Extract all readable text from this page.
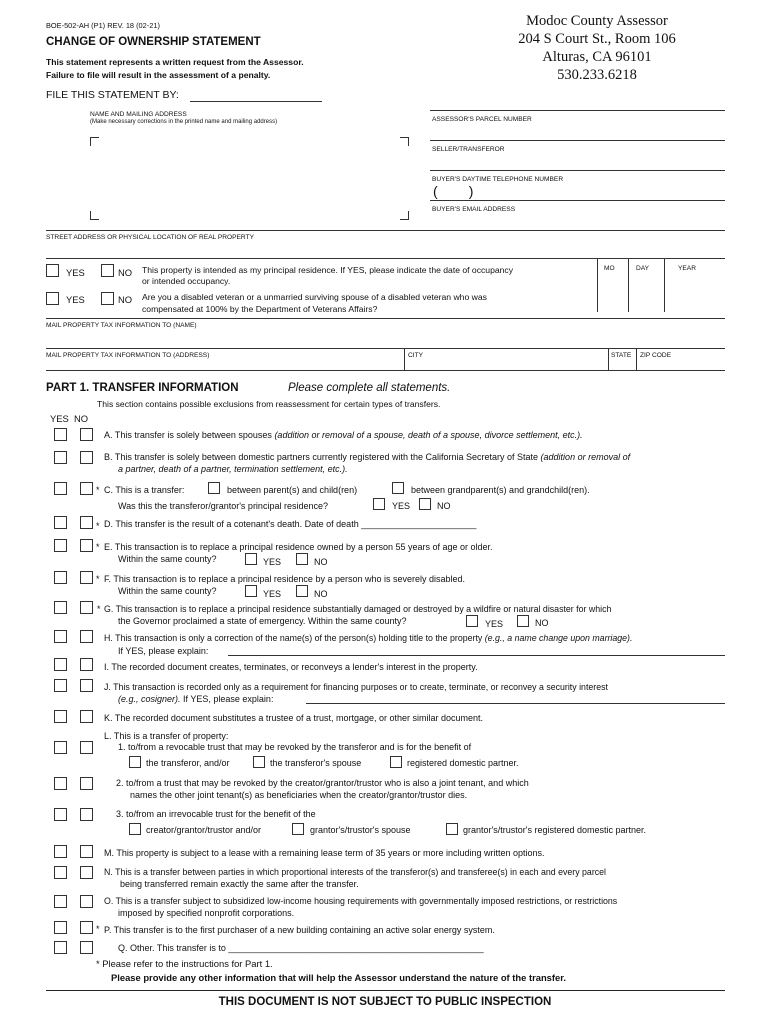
BOE-502-AH (P1) REV. 18 (02-21)
CHANGE OF OWNERSHIP STATEMENT
This statement represents a written request from the Assessor.
Failure to file will result in the assessment of a penalty.
FILE THIS STATEMENT BY:
Modoc County Assessor
204 S Court St., Room 106
Alturas, CA 96101
530.233.6218
NAME AND MAILING ADDRESS
(Make necessary corrections in the printed name and mailing address)	ASSESSOR'S PARCEL NUMBER
SELLER/TRANSFEROR
BUYER'S DAYTIME TELEPHONE NUMBER
(        )
BUYER'S EMAIL ADDRESS
STREET ADDRESS OR PHYSICAL LOCATION OF REAL PROPERTY
YES	NO This property is intended as my principal residence. If YES, please indicate the date of occupancy
or intended occupancy.
MO	DAY	YEAR
YES	NO Are you a disabled veteran or a unmarried surviving spouse of a disabled veteran who was
compensated at 100% by the Department of Veterans Affairs?
MAIL PROPERTY TAX INFORMATION TO (NAME)
MAIL PROPERTY TAX INFORMATION TO (ADDRESS)	CITY	STATE ZIP CODE
PART 1. TRANSFER INFORMATION	Please complete all statements.
This section contains possible exclusions from reassessment for certain types of transfers.
YES  NO
A. This transfer is solely between spouses (addition or removal of a spouse, death of a spouse, divorce settlement, etc.).
B. This transfer is solely between domestic partners currently registered with the California Secretary of State (addition or removal of
a partner, death of a partner, termination settlement, etc.).
* C. This is a transfer:	between parent(s) and child(ren)	between grandparent(s) and grandchild(ren).
Was this the transferor/grantor's principal residence?	YES	NO
* D. This transfer is the result of a cotenant's death. Date of death _______________________
* E. This transaction is to replace a principal residence owned by a person 55 years of age or older.
Within the same county?	YES	NO
* F. This transaction is to replace a principal residence by a person who is severely disabled.
Within the same county?	YES	NO
* G. This transaction is to replace a principal residence substantially damaged or destroyed by a wildfire or natural disaster for which
the Governor proclaimed a state of emergency. Within the same county?	YES	NO
H. This transaction is only a correction of the name(s) of the person(s) holding title to the property (e.g., a name change upon marriage).
If YES, please explain:
I. The recorded document creates, terminates, or reconveys a lender's interest in the property.
J. This transaction is recorded only as a requirement for financing purposes or to create, terminate, or reconvey a security interest
(e.g., cosigner). If YES, please explain:
K. The recorded document substitutes a trustee of a trust, mortgage, or other similar document.
L. This is a transfer of property:
1. to/from a revocable trust that may be revoked by the transferor and is for the benefit of
the transferor, and/or	the transferor's spouse	registered domestic partner.
2. to/from a trust that may be revoked by the creator/grantor/trustor who is also a joint tenant, and which
names the other joint tenant(s) as beneficiaries when the creator/grantor/trustor dies.
3. to/from an irrevocable trust for the benefit of the
creator/grantor/trustor and/or	grantor's/trustor's spouse	grantor's/trustor's registered domestic partner.
M. This property is subject to a lease with a remaining lease term of 35 years or more including written options.
N. This is a transfer between parties in which proportional interests of the transferor(s) and transferee(s) in each and every parcel
being transferred remain exactly the same after the transfer.
O. This is a transfer subject to subsidized low-income housing requirements with governmentally imposed restrictions, or restrictions
imposed by specified nonprofit corporations.
* P. This transfer is to the first purchaser of a new building containing an active solar energy system.
Q. Other. This transfer is to ___________________________________________________
* Please refer to the instructions for Part 1.
Please provide any other information that will help the Assessor understand the nature of the transfer.
THIS DOCUMENT IS NOT SUBJECT TO PUBLIC INSPECTION
